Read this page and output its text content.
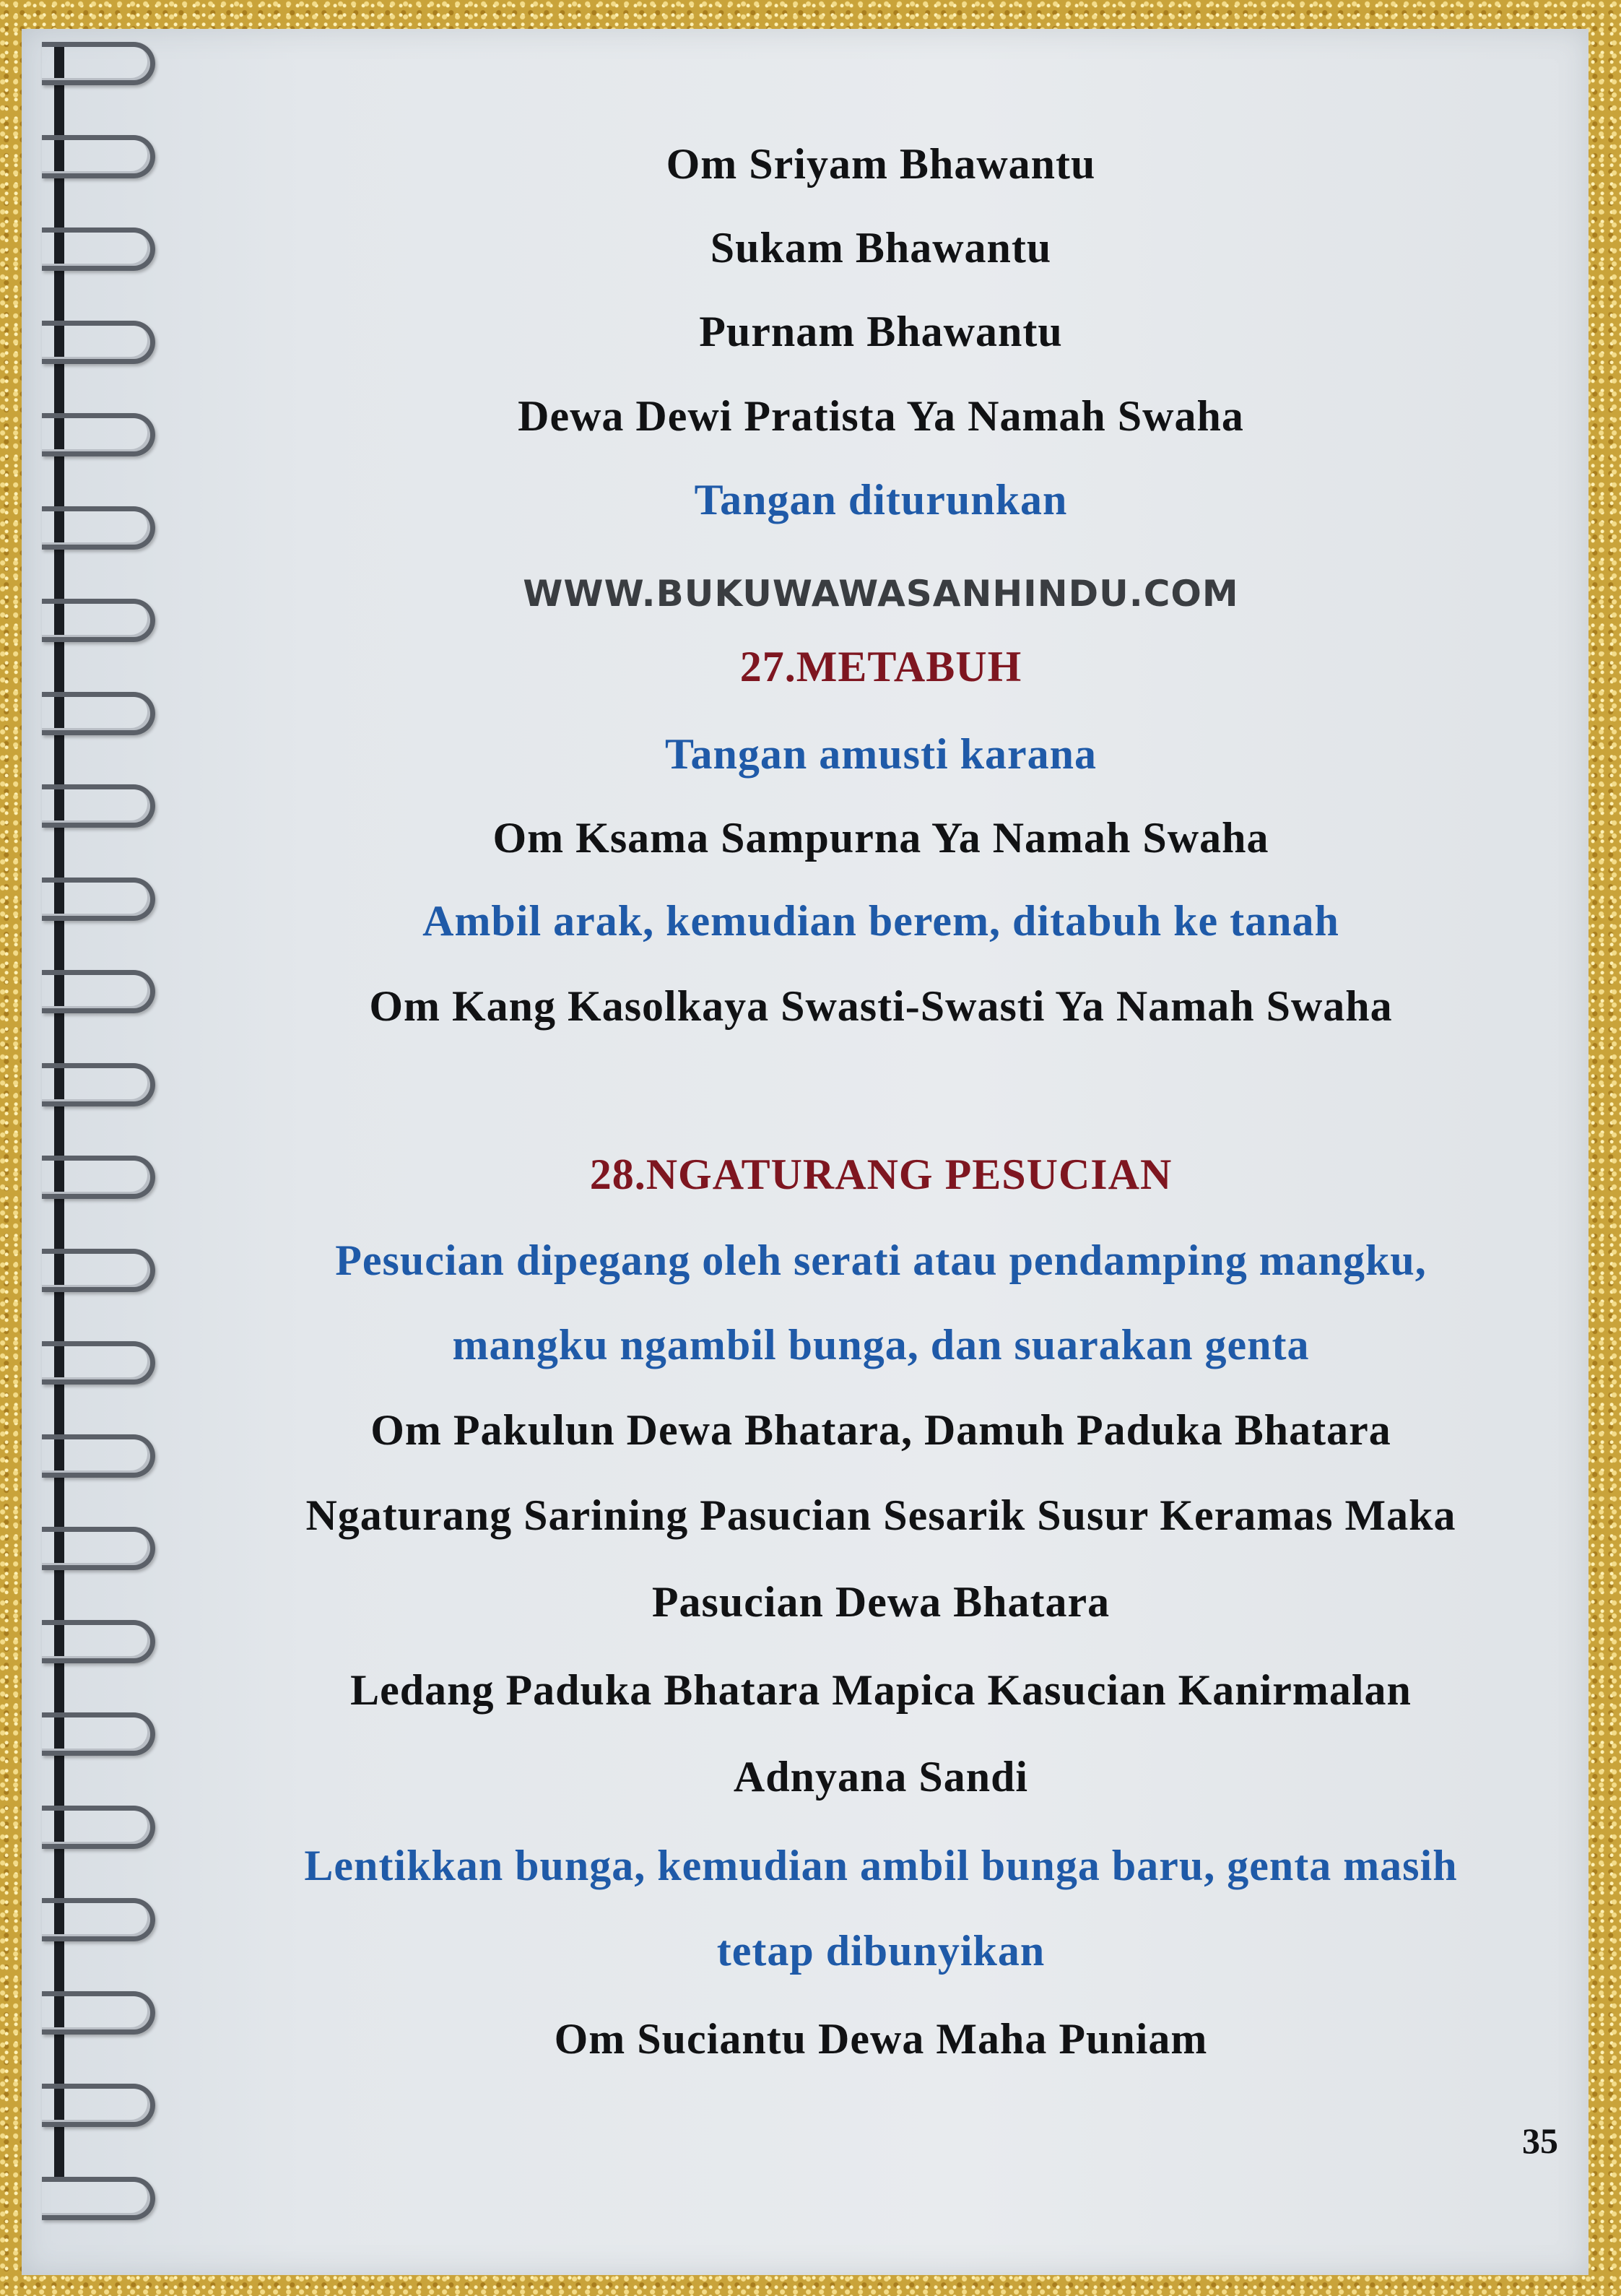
Om Sriyam Bhawantu
Sukam Bhawantu
Purnam Bhawantu
Dewa Dewi Pratista Ya Namah Swaha
Tangan diturunkan
WWW.BUKUWAWASANHINDU.COM
27.METABUH
Tangan amusti karana
Om Ksama Sampurna Ya Namah Swaha
Ambil arak, kemudian berem, ditabuh ke tanah
Om Kang Kasolkaya Swasti-Swasti Ya Namah Swaha
28.NGATURANG PESUCIAN
Pesucian dipegang oleh serati atau pendamping mangku,
mangku ngambil bunga, dan suarakan genta
Om Pakulun Dewa Bhatara, Damuh Paduka Bhatara
Ngaturang Sarining Pasucian Sesarik Susur Keramas Maka
Pasucian Dewa Bhatara
Ledang Paduka Bhatara Mapica Kasucian Kanirmalan
Adnyana Sandi
Lentikkan bunga, kemudian ambil bunga baru, genta masih
tetap dibunyikan
Om Suciantu Dewa Maha Puniam
35
